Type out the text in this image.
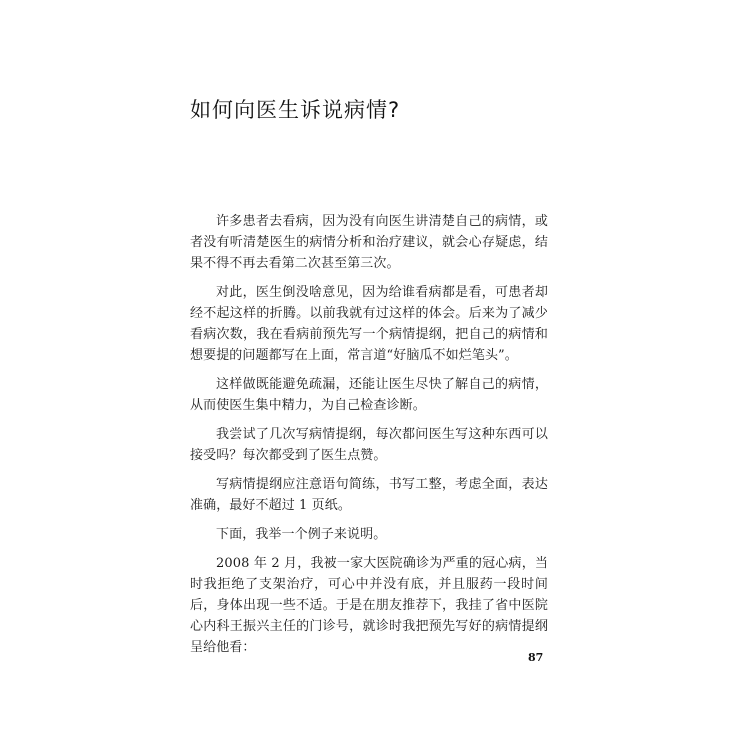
如何向医生诉说病情?

许多患者去看病，因为没有向医生讲清楚自己的病情，或者没有听清楚医生的病情分析和治疗建议，就会心存疑虑，结果不得不再去看第二次甚至第三次。

对此，医生倒没啥意见，因为给谁看病都是看，可患者却经不起这样的折腾。以前我就有过这样的体会。后来为了减少看病次数，我在看病前预先写一个病情提纲，把自己的病情和想要提的问题都写在上面，常言道“好脑瓜不如烂笔头”。

这样做既能避免疏漏，还能让医生尽快了解自己的病情，从而使医生集中精力，为自己检查诊断。

我尝试了几次写病情提纲，每次都问医生写这种东西可以接受吗？每次都受到了医生点赞。

写病情提纲应注意语句简练，书写工整，考虑全面，表达准确，最好不超过 1 页纸。

下面，我举一个例子来说明。

2008 年 2 月，我被一家大医院确诊为严重的冠心病，当时我拒绝了支架治疗，可心中并没有底，并且服药一段时间后，身体出现一些不适。于是在朋友推荐下，我挂了省中医院心内科王振兴主任的门诊号，就诊时我把预先写好的病情提纲呈给他看：

87
